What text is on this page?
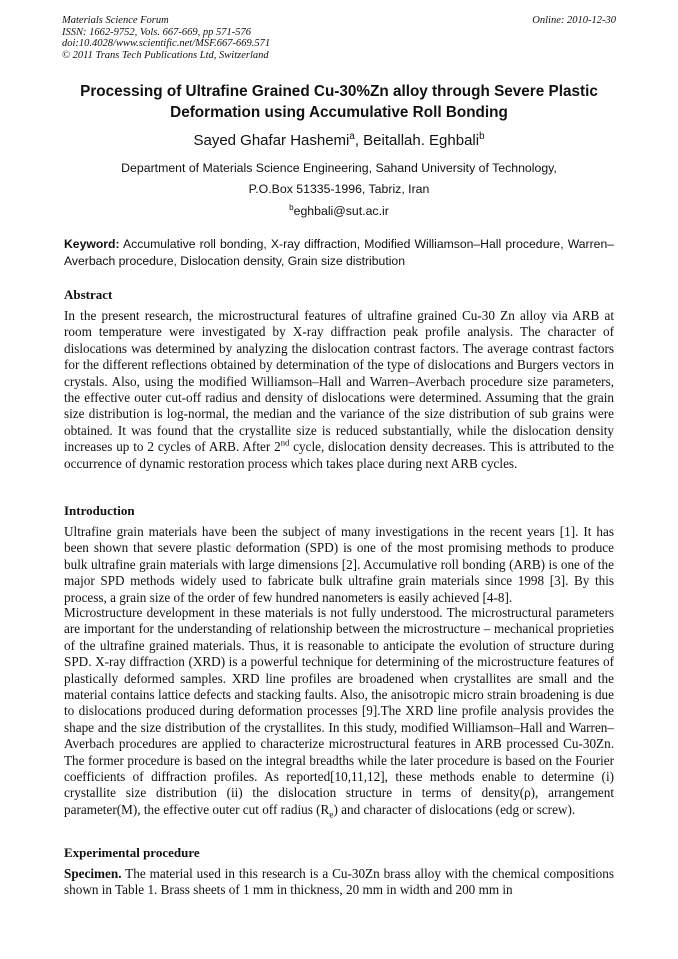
Materials Science Forum
ISSN: 1662-9752, Vols. 667-669, pp 571-576
doi:10.4028/www.scientific.net/MSF.667-669.571
© 2011 Trans Tech Publications Ltd, Switzerland
Online: 2010-12-30
Processing of Ultrafine Grained Cu-30%Zn alloy through Severe Plastic
Deformation using Accumulative Roll Bonding
Sayed Ghafar Hashemi$^a$, Beitallah. Eghbali$^b$
Department of Materials Science Engineering, Sahand University of Technology,
P.O.Box 51335-1996, Tabriz, Iran
$^b$eghbali@sut.ac.ir
Keyword: Accumulative roll bonding, X-ray diffraction, Modified Williamson–Hall procedure, Warren–Averbach procedure, Dislocation density, Grain size distribution
Abstract
In the present research, the microstructural features of ultrafine grained Cu-30 Zn alloy via ARB at room temperature were investigated by X-ray diffraction peak profile analysis. The character of dislocations was determined by analyzing the dislocation contrast factors. The average contrast factors for the different reflections obtained by determination of the type of dislocations and Burgers vectors in crystals. Also, using the modified Williamson–Hall and Warren–Averbach procedure size parameters, the effective outer cut-off radius and density of dislocations were determined. Assuming that the grain size distribution is log-normal, the median and the variance of the size distribution of sub grains were obtained. It was found that the crystallite size is reduced substantially, while the dislocation density increases up to 2 cycles of ARB. After 2nd cycle, dislocation density decreases. This is attributed to the occurrence of dynamic restoration process which takes place during next ARB cycles.
Introduction
Ultrafine grain materials have been the subject of many investigations in the recent years [1]. It has been shown that severe plastic deformation (SPD) is one of the most promising methods to produce bulk ultrafine grain materials with large dimensions [2]. Accumulative roll bonding (ARB) is one of the major SPD methods widely used to fabricate bulk ultrafine grain materials since 1998 [3]. By this process, a grain size of the order of few hundred nanometers is easily achieved [4-8].
Microstructure development in these materials is not fully understood. The microstructural parameters are important for the understanding of relationship between the microstructure – mechanical proprieties of the ultrafine grained materials. Thus, it is reasonable to anticipate the evolution of structure during SPD. X-ray diffraction (XRD) is a powerful technique for determining of the microstructure features of plastically deformed samples. XRD line profiles are broadened when crystallites are small and the material contains lattice defects and stacking faults. Also, the anisotropic micro strain broadening is due to dislocations produced during deformation processes [9].The XRD line profile analysis provides the shape and the size distribution of the crystallites. In this study, modified Williamson–Hall and Warren–Averbach procedures are applied to characterize microstructural features in ARB processed Cu-30Zn. The former procedure is based on the integral breadths while the later procedure is based on the Fourier coefficients of diffraction profiles. As reported[10,11,12], these methods enable to determine (i) crystallite size distribution (ii) the dislocation structure in terms of density(ρ), arrangement parameter(M), the effective outer cut off radius $(R_e)$ and character of dislocations (edg or screw).
Experimental procedure
Specimen. The material used in this research is a Cu-30Zn brass alloy with the chemical compositions shown in Table 1. Brass sheets of 1 mm in thickness, 20 mm in width and 200 mm in
